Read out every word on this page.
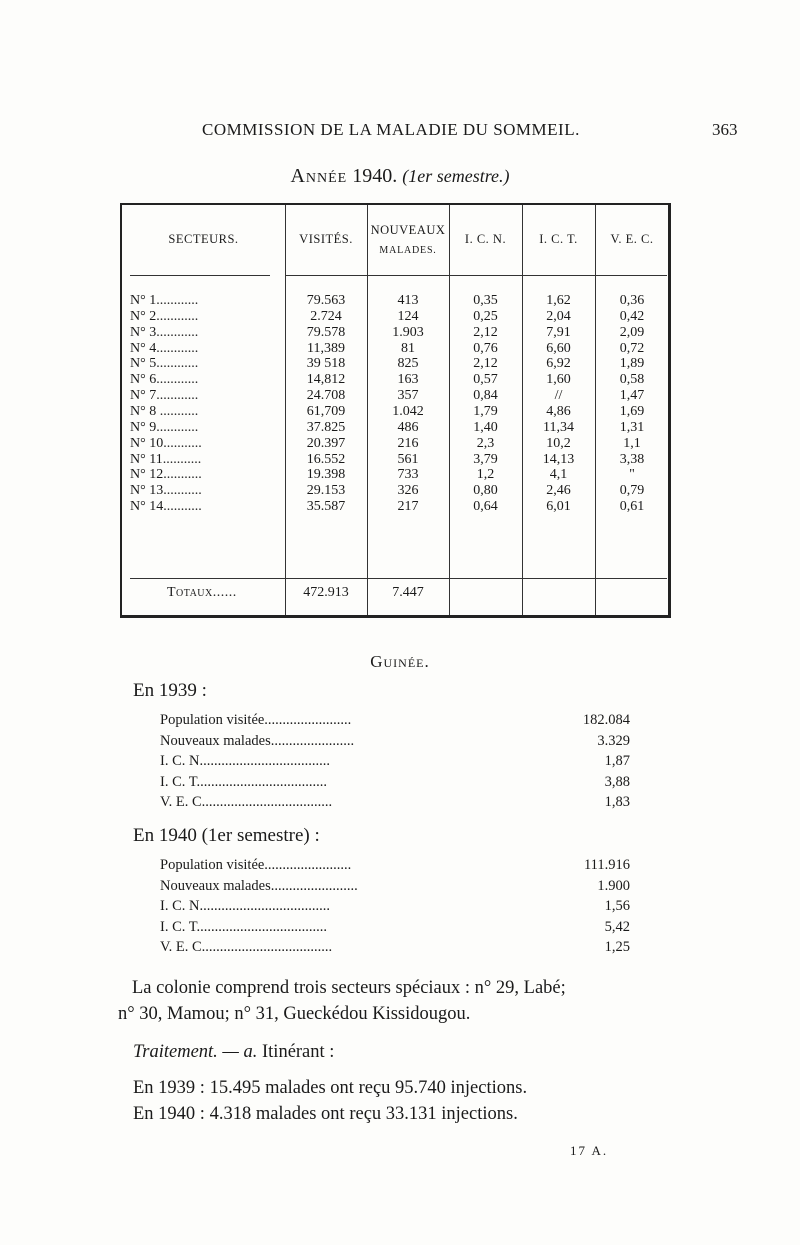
COMMISSION DE LA MALADIE DU SOMMEIL.	363
Année 1940. (1er semestre.)
SECTEURS.	VISITÉS.
NOUVEAUX
MALADES.
I. C. N.	I. C. T.	V. E. C.
N° 1............	79.563	413	0,35	1,62	0,36
N° 2............	2.724	124	0,25	2,04	0,42
N° 3............	79.578	1.903	2,12	7,91	2,09
N° 4............	11,389	81	0,76	6,60	0,72
N° 5............	39 518	825	2,12	6,92	1,89
N° 6............	14,812	163	0,57	1,60	0,58
N° 7............	24.708	357	0,84	//	1,47
N° 8 ...........	61,709	1.042	1,79	4,86	1,69
N° 9............	37.825	486	1,40	11,34	1,31
N° 10...........	20.397	216	2,3	10,2	1,1
N° 11...........	16.552	561	3,79	14,13	3,38
N° 12...........	19.398	733	1,2	4,1	"
N° 13...........	29.153	326	0,80	2,46	0,79
N° 14...........	35.587	217	0,64	6,01	0,61
Totaux......	472.913	7.447
Guinée.
En 1939 :
Population visitée........................	182.084
Nouveaux malades.......................	3.329
I. C. N....................................	1,87
I. C. T....................................	3,88
V. E. C....................................	1,83
En 1940 (1er semestre) :
Population visitée........................	111.916
Nouveaux malades........................	1.900
I. C. N....................................	1,56
I. C. T....................................	5,42
V. E. C....................................	1,25
La colonie comprend trois secteurs spéciaux : n° 29, Labé;
n° 30, Mamou; n° 31, Gueckédou Kissidougou.
Traitement. — a. Itinérant :
En 1939 : 15.495 malades ont reçu 95.740 injections.
En 1940 : 4.318 malades ont reçu 33.131 injections.
17 A.
